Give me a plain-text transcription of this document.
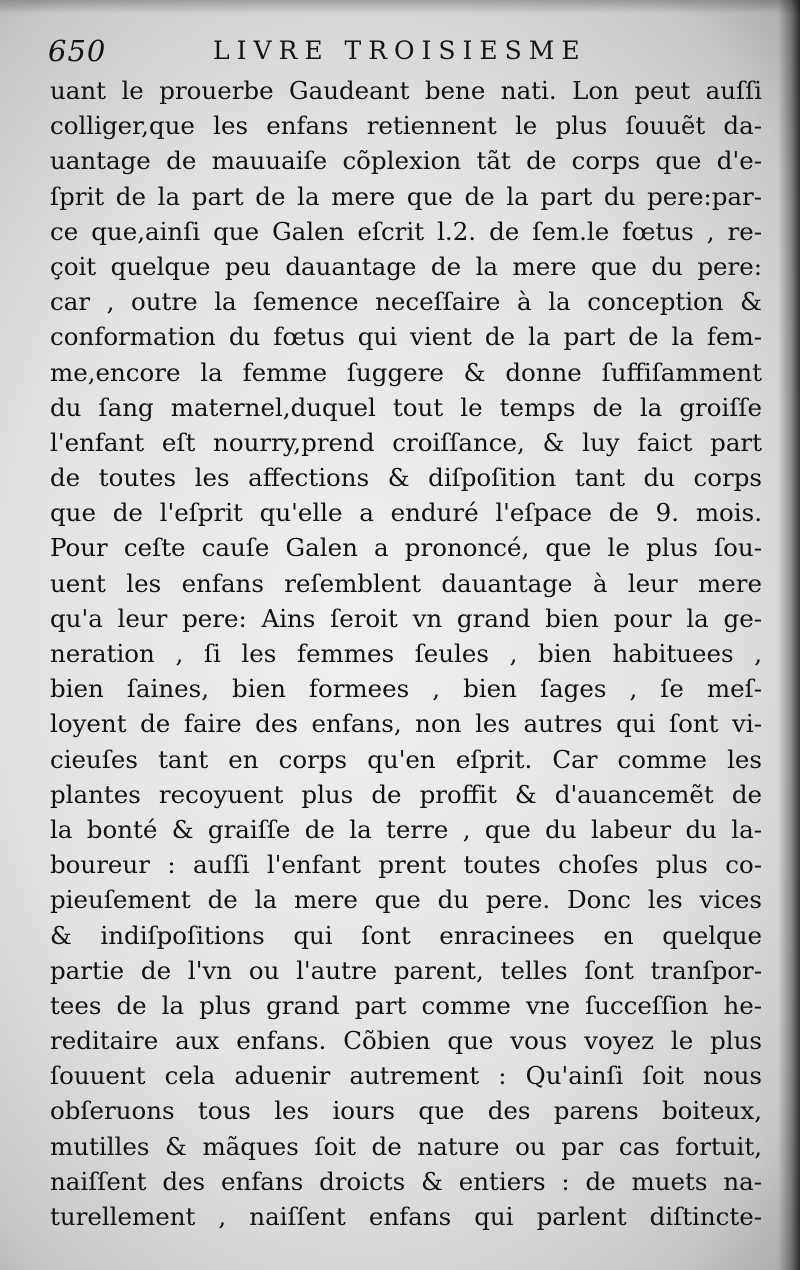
650	LIVRE TROISIESME
uant le prouerbe Gaudeant bene nati. Lon peut auſſi
colliger,que les enfans retiennent le plus ſouuẽt da-
uantage de mauuaiſe cõplexion tãt de corps que d'e-
ſprit de la part de la mere que de la part du pere:par-
ce que,ainſi que Galen eſcrit l.2. de ſem.le fœtus , re-
çoit quelque peu dauantage de la mere que du pere:
car , outre la ſemence neceſſaire à la conception &
conformation du fœtus qui vient de la part de la fem-
me,encore la femme ſuggere & donne ſuffiſamment
du ſang maternel,duquel tout le temps de la groiſſe
l'enfant eſt nourry,prend croiſſance, & luy faict part
de toutes les affections & diſpoſition tant du corps
que de l'eſprit qu'elle a enduré l'eſpace de 9. mois.
Pour ceſte cauſe Galen a prononcé, que le plus ſou-
uent les enfans reſemblent dauantage à leur mere
qu'a leur pere: Ains ſeroit vn grand bien pour la ge-
neration , ſi les femmes ſeules , bien habituees ,
bien ſaines, bien formees , bien ſages , ſe meſ-
loyent de faire des enfans, non les autres qui ſont vi-
cieuſes tant en corps qu'en eſprit. Car comme les
plantes recoyuent plus de proffit & d'auancemẽt de
la bonté & graiſſe de la terre , que du labeur du la-
boureur : auſſi l'enfant prent toutes choſes plus co-
pieuſement de la mere que du pere. Donc les vices
& indiſpoſitions qui ſont enracinees en quelque
partie de l'vn ou l'autre parent, telles ſont tranſpor-
tees de la plus grand part comme vne ſucceſſion he-
reditaire aux enfans. Cõbien que vous voyez le plus
ſouuent cela aduenir autrement : Qu'ainſi ſoit nous
obſeruons tous les iours que des parens boiteux,
mutilles & mãques ſoit de nature ou par cas fortuit,
naiſſent des enfans droicts & entiers : de muets na-
turellement , naiſſent enfans qui parlent diſtincte-
